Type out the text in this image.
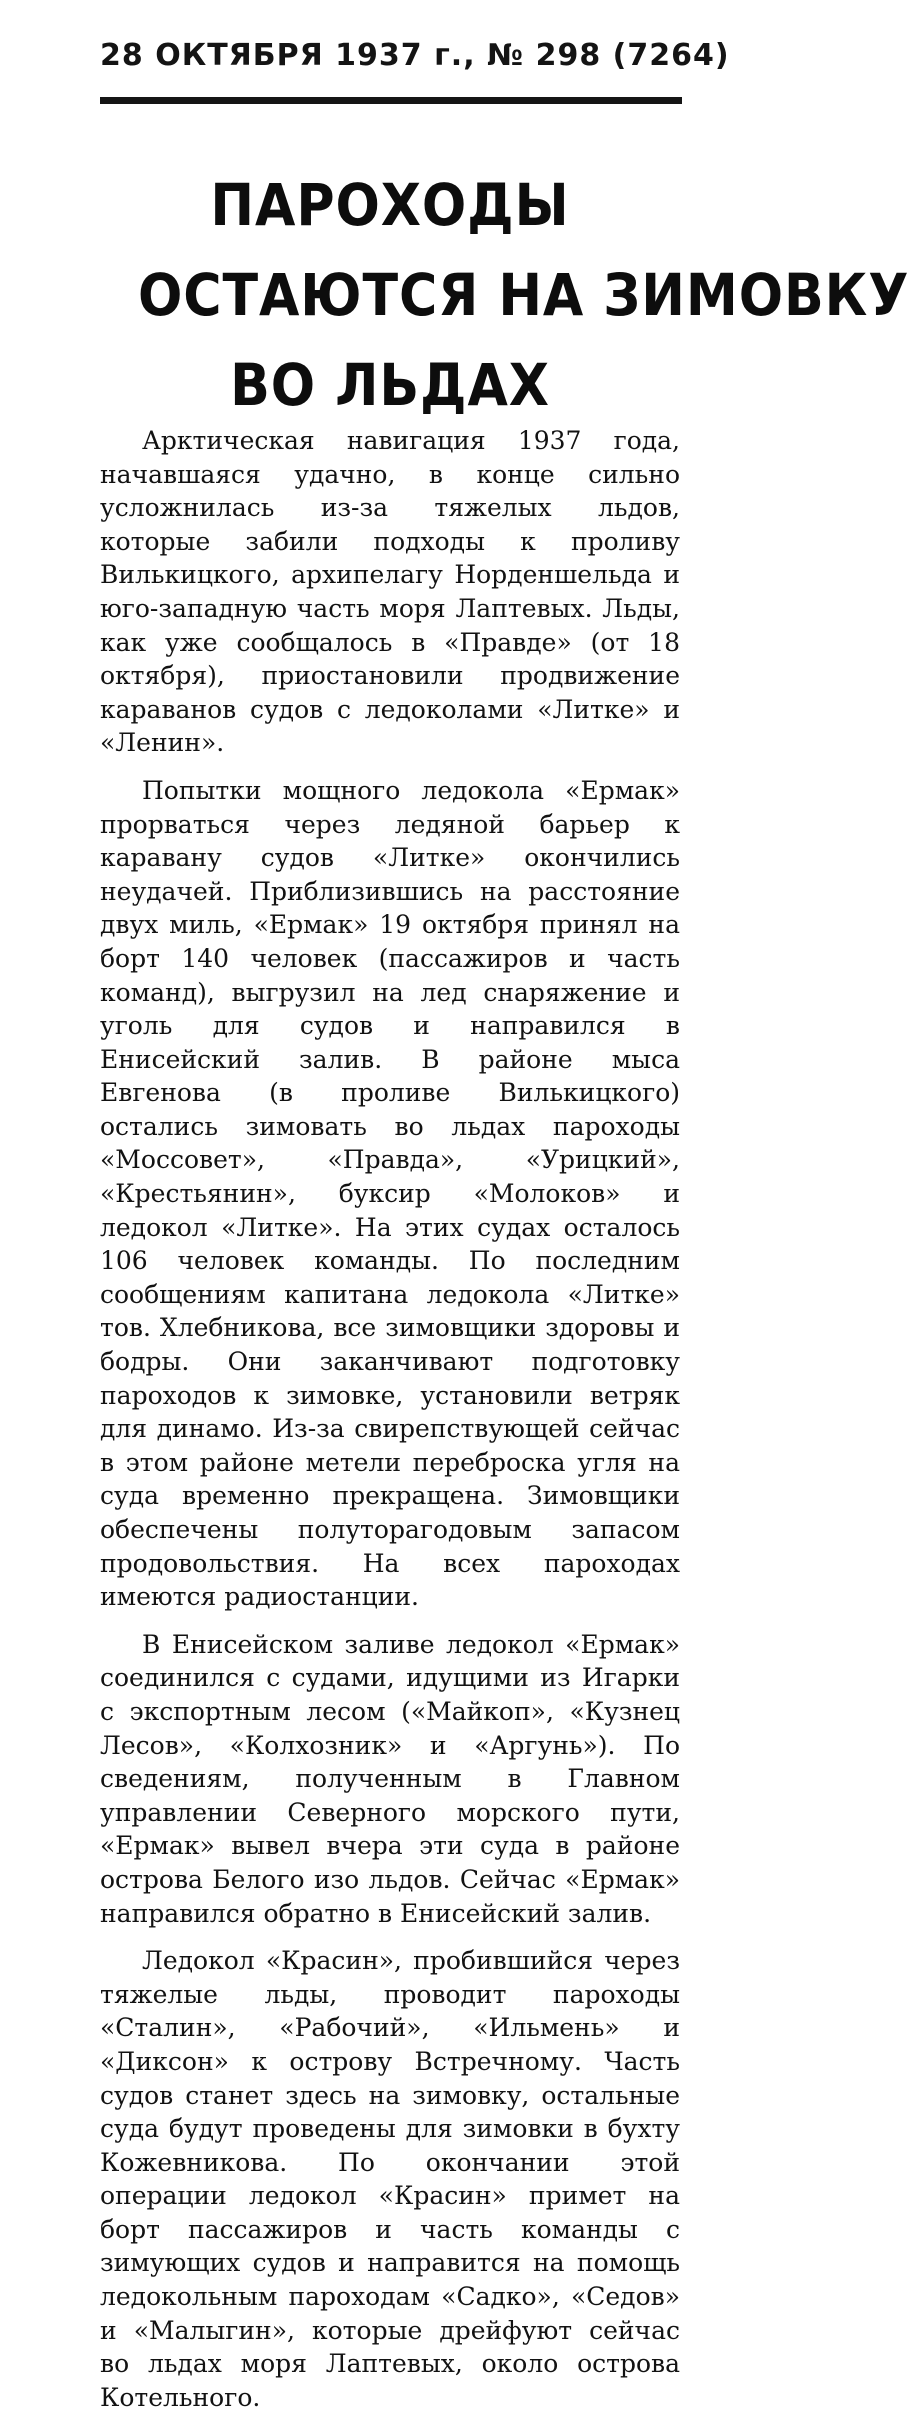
28 ОКТЯБРЯ 1937 г., № 298 (7264)
ПАРОХОДЫ
ОСТАЮТСЯ НА ЗИМОВКУ
ВО ЛЬДАХ

Арктическая навигация 1937 года, начавшаяся удачно, в конце сильно усложнилась из-за тяжелых льдов, которые забили подходы к проливу Вилькицкого, архипелагу Норденшельда и юго-западную часть моря Лаптевых. Льды, как уже сообщалось в «Правде» (от 18 октября), приостановили продвижение караванов судов с ледоколами «Литке» и «Ленин».

Попытки мощного ледокола «Ермак» прорваться через ледяной барьер к каравану судов «Литке» окончились неудачей. Приблизившись на расстояние двух миль, «Ермак» 19 октября принял на борт 140 человек (пассажиров и часть команд), выгрузил на лед снаряжение и уголь для судов и направился в Енисейский залив. В районе мыса Евгенова (в проливе Вилькицкого) остались зимовать во льдах пароходы «Моссовет», «Правда», «Урицкий», «Крестьянин», буксир «Молоков» и ледокол «Литке». На этих судах осталось 106 человек команды. По последним сообщениям капитана ледокола «Литке» тов. Хлебникова, все зимовщики здоровы и бодры. Они заканчивают подготовку пароходов к зимовке, установили ветряк для динамо. Из-за свирепствующей сейчас в этом районе метели переброска угля на суда временно прекращена. Зимовщики обеспечены полуторагодовым запасом продовольствия. На всех пароходах имеются радиостанции.

В Енисейском заливе ледокол «Ермак» соединился с судами, идущими из Игарки с экспортным лесом («Майкоп», «Кузнец Лесов», «Колхозник» и «Аргунь»). По сведениям, полученным в Главном управлении Северного морского пути, «Ермак» вывел вчера эти суда в районе острова Белого изо льдов. Сейчас «Ермак» направился обратно в Енисейский залив.

Ледокол «Красин», пробившийся через тяжелые льды, проводит пароходы «Сталин», «Рабочий», «Ильмень» и «Диксон» к острову Встречному. Часть судов станет здесь на зимовку, остальные суда будут проведены для зимовки в бухту Кожевникова. По окончании этой операции ледокол «Красин» примет на борт пассажиров и часть команды с зимующих судов и направится на помощь ледокольным пароходам «Садко», «Седов» и «Малыгин», которые дрейфуют сейчас во льдах моря Лаптевых, около острова Котельного.
